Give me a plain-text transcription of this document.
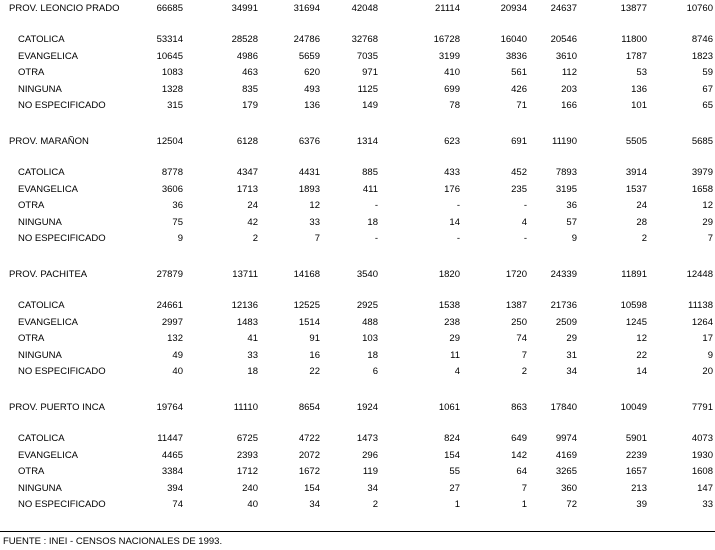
PROV. LEONCIO PRADO	66685	34991	31694	42048	21114	20934	24637	13877	10760
CATOLICA	53314	28528	24786	32768	16728	16040	20546	11800	8746
EVANGELICA	10645	4986	5659	7035	3199	3836	3610	1787	1823
OTRA	1083	463	620	971	410	561	112	53	59
NINGUNA	1328	835	493	1125	699	426	203	136	67
NO ESPECIFICADO	315	179	136	149	78	71	166	101	65
PROV. MARAÑON	12504	6128	6376	1314	623	691	11190	5505	5685
CATOLICA	8778	4347	4431	885	433	452	7893	3914	3979
EVANGELICA	3606	1713	1893	411	176	235	3195	1537	1658
OTRA	36	24	12	-	-	-	36	24	12
NINGUNA	75	42	33	18	14	4	57	28	29
NO ESPECIFICADO	9	2	7	-	-	-	9	2	7
PROV. PACHITEA	27879	13711	14168	3540	1820	1720	24339	11891	12448
CATOLICA	24661	12136	12525	2925	1538	1387	21736	10598	11138
EVANGELICA	2997	1483	1514	488	238	250	2509	1245	1264
OTRA	132	41	91	103	29	74	29	12	17
NINGUNA	49	33	16	18	11	7	31	22	9
NO ESPECIFICADO	40	18	22	6	4	2	34	14	20
PROV. PUERTO INCA	19764	11110	8654	1924	1061	863	17840	10049	7791
CATOLICA	11447	6725	4722	1473	824	649	9974	5901	4073
EVANGELICA	4465	2393	2072	296	154	142	4169	2239	1930
OTRA	3384	1712	1672	119	55	64	3265	1657	1608
NINGUNA	394	240	154	34	27	7	360	213	147
NO ESPECIFICADO	74	40	34	2	1	1	72	39	33
FUENTE : INEI - CENSOS NACIONALES DE 1993.
